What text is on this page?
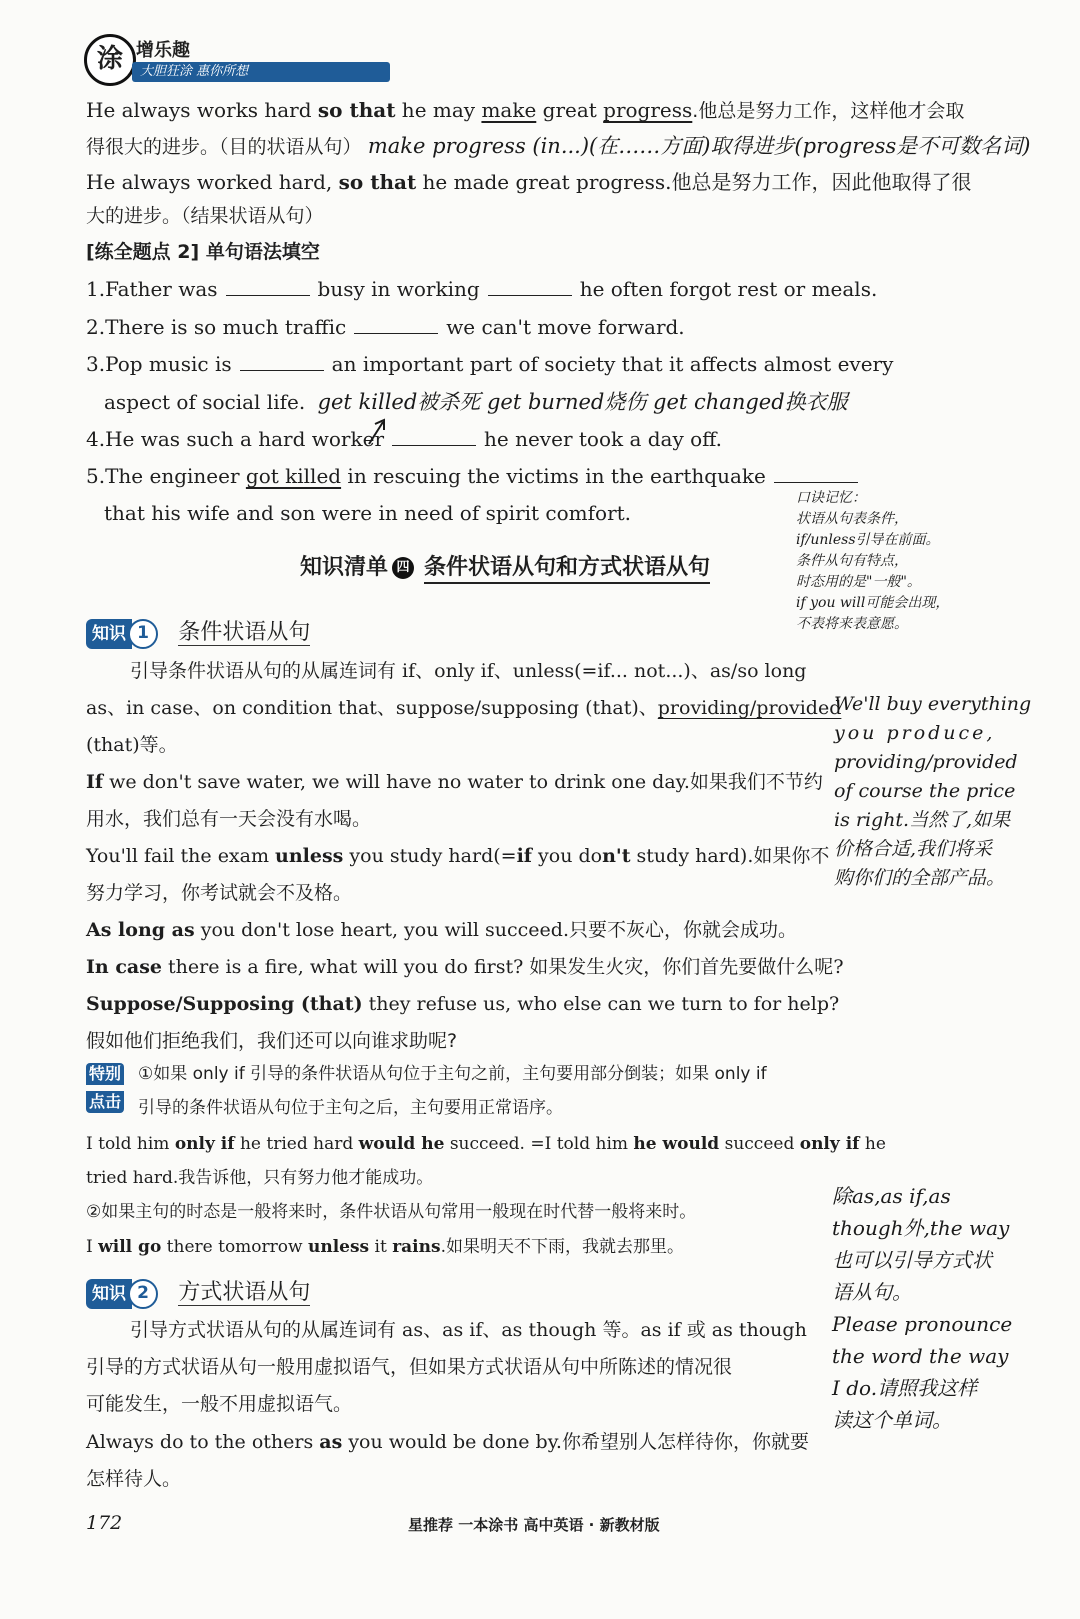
涂 增乐趣
大胆狂涂 惠你所想
He always works hard so that he may make great progress.他总是努力工作，这样他才会取
得很大的进步。（目的状语从句） make progress (in...)(在……方面)取得进步(progress是不可数名词)
He always worked hard, so that he made great progress.他总是努力工作，因此他取得了很
大的进步。（结果状语从句）
[练全题点 2] 单句语法填空
1.Father was	busy in working	he often forgot rest or meals.
2.There is so much traffic	we can't move forward.
3.Pop music is	an important part of society that it affects almost every
aspect of social life. get killed被杀死 get burned烧伤 get changed换衣服
4.He was such a hard worker	he never took a day off.
5.The engineer got killed in rescuing the victims in the earthquake
that his wife and son were in need of spirit comfort.
知识清单 四 条件状语从句和方式状语从句
知识 1 条件状语从句
引导条件状语从句的从属连词有 if、only if、unless(=if... not...)、as/so long
as、in case、on condition that、suppose/supposing (that)、providing/provided
(that)等。
If we don't save water, we will have no water to drink one day.如果我们不节约
用水，我们总有一天会没有水喝。
You'll fail the exam unless you study hard(=if you don't study hard).如果你不
努力学习，你考试就会不及格。
As long as you don't lose heart, you will succeed.只要不灰心，你就会成功。
In case there is a fire, what will you do first? 如果发生火灾，你们首先要做什么呢?
Suppose/Supposing (that) they refuse us, who else can we turn to for help?
假如他们拒绝我们，我们还可以向谁求助呢?
特别 点击
①如果 only if 引导的条件状语从句位于主句之前，主句要用部分倒装；如果 only if
引导的条件状语从句位于主句之后，主句要用正常语序。
I told him only if he tried hard would he succeed. =I told him he would succeed only if he
tried hard.我告诉他，只有努力他才能成功。
②如果主句的时态是一般将来时，条件状语从句常用一般现在时代替一般将来时。
I will go there tomorrow unless it rains.如果明天不下雨，我就去那里。
知识 2 方式状语从句
引导方式状语从句的从属连词有 as、as if、as though 等。as if 或 as though
引导的方式状语从句一般用虚拟语气，但如果方式状语从句中所陈述的情况很
可能发生，一般不用虚拟语气。
Always do to the others as you would be done by.你希望别人怎样待你，你就要
怎样待人。
口诀记忆：
状语从句表条件，
if/unless引导在前面。
条件从句有特点，
时态用的是"一般"。
if you will可能会出现，
不表将来表意愿。
We'll buy everything
you produce,
providing/provided
of course the price
is right.当然了,如果
价格合适,我们将采
购你们的全部产品。
除as,as if,as
though外,the way
也可以引导方式状
语从句。
Please pronounce
the word the way
I do.请照我这样
读这个单词。
172	星推荐 一本涂书 高中英语 · 新教材版
